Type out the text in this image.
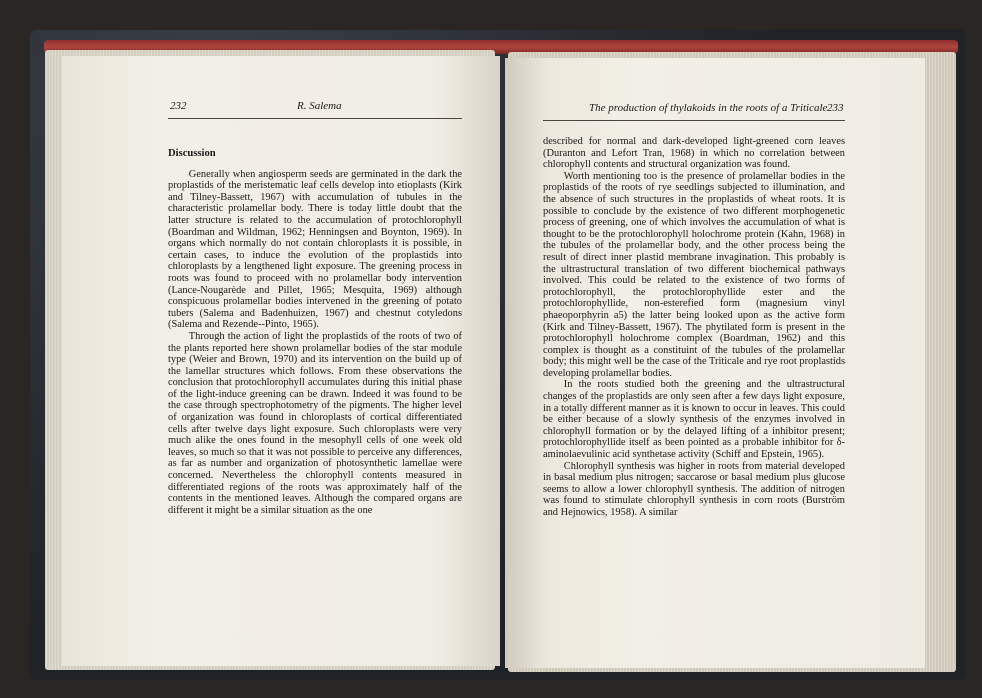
232	R. Salema

Discussion

Generally when angiosperm seeds are germinated in the dark the proplastids of the meristematic leaf cells develop into etioplasts (Kirk and Tilney-Bassett, 1967) with accumulation of tubules in the characteristic prolamellar body. There is today little doubt that the latter structure is related to the accumulation of protochlorophyll (Boardman and Wildman, 1962; Henningsen and Boynton, 1969). In organs which normally do not contain chloroplasts it is possible, in certain cases, to induce the evolution of the proplastids into chloroplasts by a lengthened light exposure. The greening process in roots was found to proceed with no prolamellar body intervention (Lance-Nougarède and Pillet, 1965; Mesquita, 1969) although conspicuous prolamellar bodies intervened in the greening of potato tubers (Salema and Badenhuizen, 1967) and chestnut cotyledons (Salema and Rezende--Pinto, 1965).

Through the action of light the proplastids of the roots of two of the plants reported here shown prolamellar bodies of the star module type (Weier and Brown, 1970) and its intervention on the build up of the lamellar structures which follows. From these observations the conclusion that protochlorophyll accumulates during this initial phase of the light-induce greening can be drawn. Indeed it was found to be the case through spectrophotometry of the pigments. The higher level of organization was found in chloroplasts of cortical differentiated cells after twelve days light exposure. Such chloroplasts were very much alike the ones found in the mesophyll cells of one week old leaves, so much so that it was not possible to perceive any differences, as far as number and organization of photosynthetic lamellae were concerned. Nevertheless the chlorophyll contents measured in differentiated regions of the roots was approximately half of the contents in the mentioned leaves. Although the compared organs are different it might be a similar situation as the one

The production of thylakoids in the roots of a Triticale 233

described for normal and dark-developed light-greened corn leaves (Duranton and Lefort Tran, 1968) in which no correlation between chlorophyll contents and structural organization was found.

Worth mentioning too is the presence of prolamellar bodies in the proplastids of the roots of rye seedlings subjected to illumination, and the absence of such structures in the proplastids of wheat roots. It is possible to conclude by the existence of two different morphogenetic process of greening, one of which involves the accumulation of what is thought to be the protochlorophyll holochrome protein (Kahn, 1968) in the tubules of the prolamellar body, and the other process being the result of direct inner plastid membrane invagination. This probably is the ultrastructural translation of two different biochemical pathways involved. This could be related to the existence of two forms of protochlorophyll, the protochlorophyllide ester and the protochlorophyllide, non-esterefied form (magnesium vinyl phaeoporphyrin a5) the latter being looked upon as the active form (Kirk and Tilney-Bassett, 1967). The phytilated form is present in the protochlorophyll holochrome complex (Boardman, 1962) and this complex is thought as a constituint of the tubules of the prolamellar body; this might well be the case of the Triticale and rye root proplastids developing prolamellar bodies.

In the roots studied both the greening and the ultrastructural changes of the proplastids are only seen after a few days light exposure, in a totally different manner as it is known to occur in leaves. This could be either because of a slowly synthesis of the enzymes involved in chlorophyll formation or by the delayed lifting of a inhibitor present; protochlorophyllide itself as been pointed as a probable inhibitor for δ-aminolaevulinic acid synthetase activity (Schiff and Epstein, 1965).

Chlorophyll synthesis was higher in roots from material developed in basal medium plus nitrogen; saccarose or basal medium plus glucose seems to allow a lower chlorophyll synthesis. The addition of nitrogen was found to stimulate chlorophyll synthesis in corn roots (Burström and Hejnowics, 1958). A similar
